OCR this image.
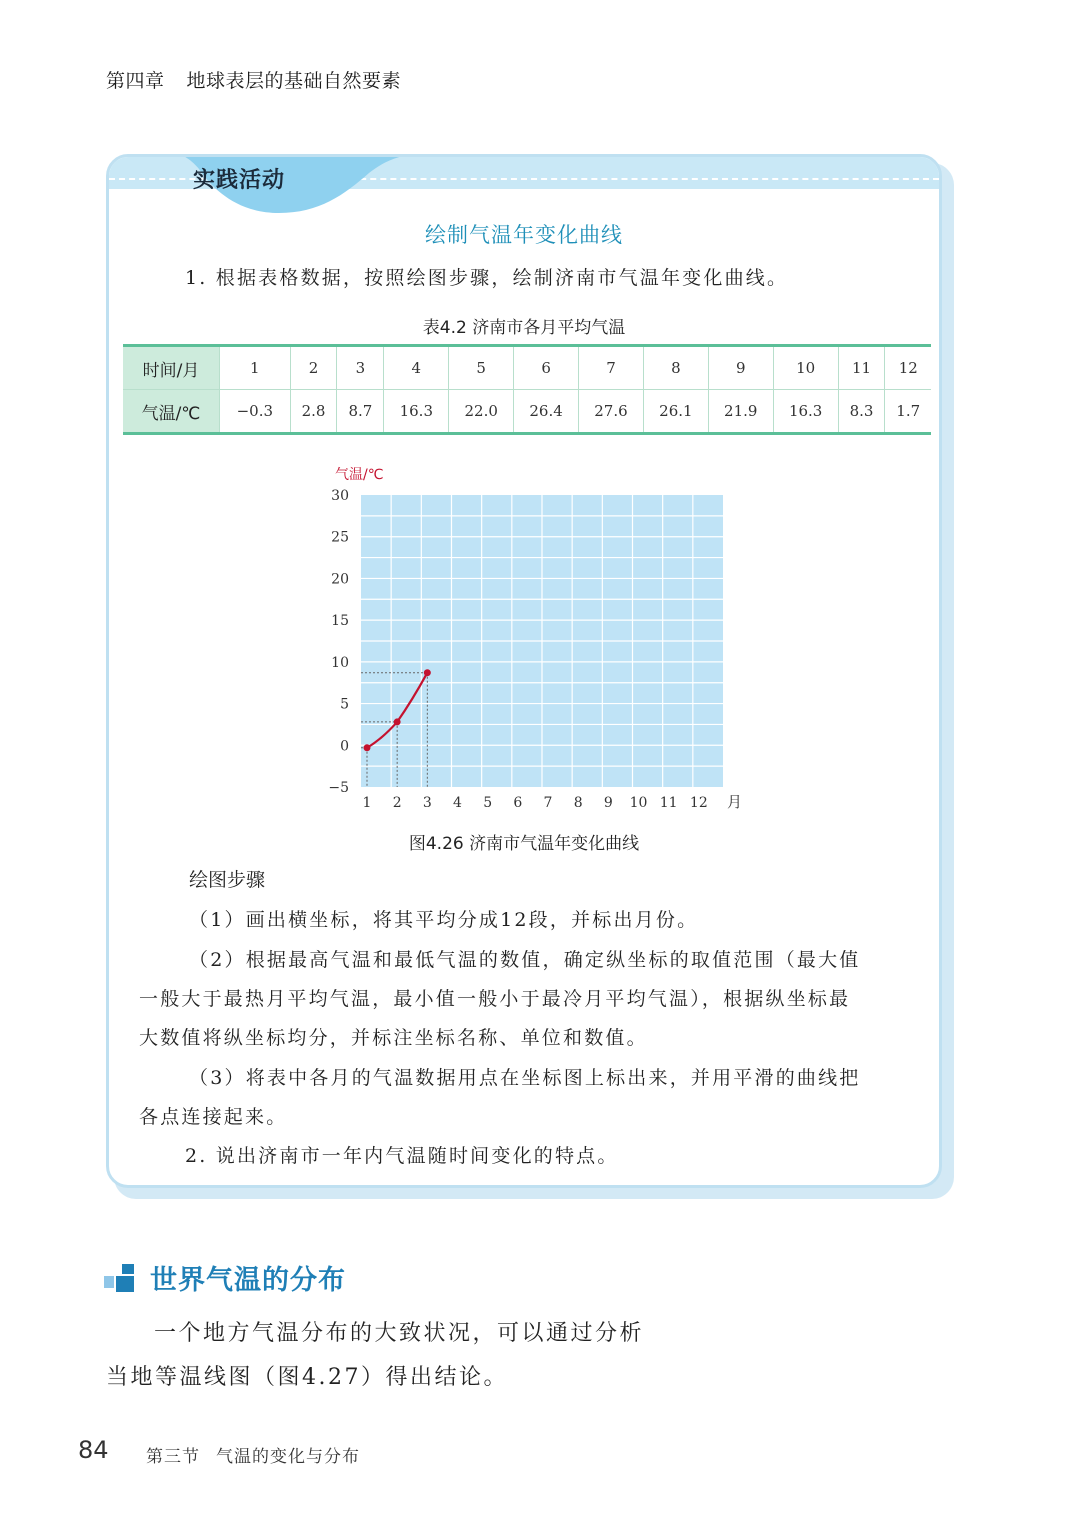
第四章 地球表层的基础自然要素
实践活动
绘制气温年变化曲线
1. 根据表格数据，按照绘图步骤，绘制济南市气温年变化曲线。
表4.2 济南市各月平均气温
时间/月	1	2	3	4	5	6	7	8	9	10	11	12
气温/℃	−0.3	2.8	8.7	16.3	22.0	26.4	27.6	26.1	21.9	16.3	8.3	1.7
30
25
20
15
10
5
0
−5
1 2 3 4 5 6 7 8 9 10 11 12 月
气温/℃
图4.26 济南市气温年变化曲线
绘图步骤
（1）画出横坐标，将其平均分成12段，并标出月份。
（2）根据最高气温和最低气温的数值，确定纵坐标的取值范围（最大值
一般大于最热月平均气温，最小值一般小于最冷月平均气温），根据纵坐标最
大数值将纵坐标均分，并标注坐标名称、单位和数值。
（3）将表中各月的气温数据用点在坐标图上标出来，并用平滑的曲线把
各点连接起来。
2. 说出济南市一年内气温随时间变化的特点。
世界气温的分布
一个地方气温分布的大致状况，可以通过分析
当地等温线图（图4.27）得出结论。
84 第三节 气温的变化与分布
